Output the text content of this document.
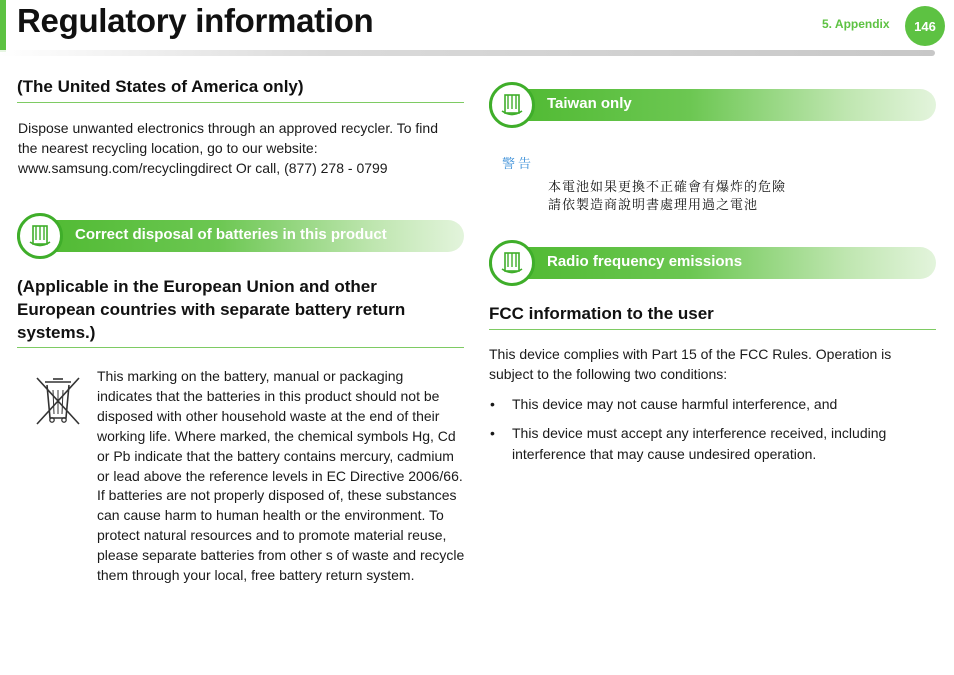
Regulatory information	5. Appendix	146
(The United States of America only)
Dispose unwanted electronics through an approved recycler. To find
the nearest recycling location, go to our website:
www.samsung.com/recyclingdirect Or call, (877) 278 - 0799
Correct disposal of batteries in this product
(Applicable in the European Union and other
European countries with separate battery return
systems.)
This marking on the battery, manual or packaging
indicates that the batteries in this product should not be
disposed with other household waste at the end of their
working life. Where marked, the chemical symbols Hg, Cd
or Pb indicate that the battery contains mercury, cadmium
or lead above the reference levels in EC Directive 2006/66.
If batteries are not properly disposed of, these substances
can cause harm to human health or the environment. To
protect natural resources and to promote material reuse,
please separate batteries from other s of waste and recycle
them through your local, free battery return system.
Taiwan only
警告
本電池如果更換不正確會有爆炸的危險
請依製造商說明書處理用過之電池
Radio frequency emissions
FCC information to the user
This device complies with Part 15 of the FCC Rules. Operation is
subject to the following two conditions:
• This device may not cause harmful interference, and
• This device must accept any interference received, including
interference that may cause undesired operation.
